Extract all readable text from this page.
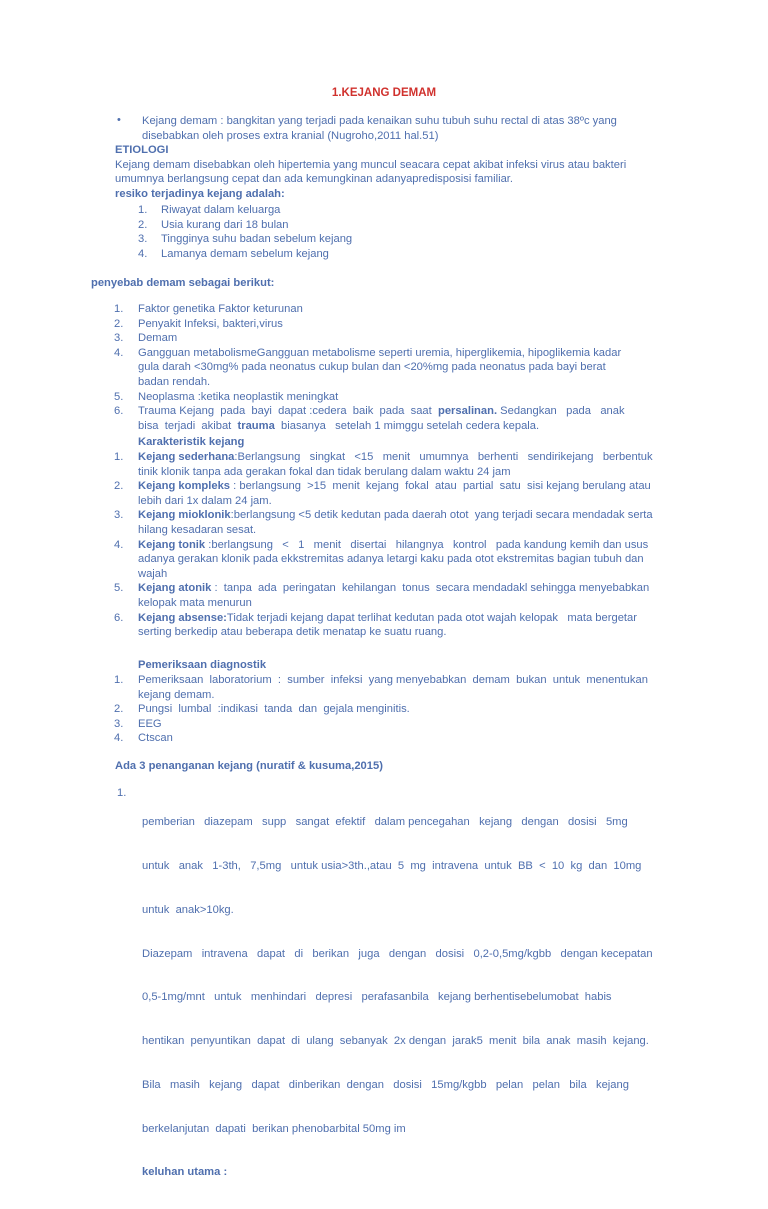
1.KEJANG DEMAM
• Kejang demam : bangkitan yang terjadi pada kenaikan suhu tubuh suhu rectal di atas 38ºc yang
disebabkan oleh proses extra kranial (Nugroho,2011 hal.51)
ETIOLOGI
Kejang demam disebabkan oleh hipertemia yang muncul seacara cepat akibat infeksi virus atau bakteri
umumnya berlangsung cepat dan ada kemungkinan adanyapredisposisi familiar.
resiko terjadinya kejang adalah:
1.	Riwayat dalam keluarga
2.	Usia kurang dari 18 bulan
3.	Tingginya suhu badan sebelum kejang
4.	Lamanya demam sebelum kejang
penyebab demam sebagai berikut:
1.	Faktor genetika Faktor keturunan
2.	Penyakit Infeksi, bakteri,virus
3.	Demam
4.	Gangguan metabolismeGangguan metabolisme seperti uremia, hiperglikemia, hipoglikemia kadar
gula darah <30mg% pada neonatus cukup bulan dan <20%mg pada neonatus pada bayi berat
badan rendah.
5.	Neoplasma :ketika neoplastik meningkat
6.	Trauma Kejang  pada  bayi  dapat :cedera  baik  pada  saat  persalinan. Sedangkan   pada   anak
bisa  terjadi  akibat  trauma  biasanya   setelah 1 mimggu setelah cedera kepala.
Karakteristik kejang
1.	Kejang sederhana:Berlangsung   singkat   <15   menit   umumnya   berhenti   sendirikejang   berbentuk
tinik klonik tanpa ada gerakan fokal dan tidak berulang dalam waktu 24 jam
2.	Kejang kompleks : berlangsung  >15  menit  kejang  fokal  atau  partial  satu  sisi kejang berulang atau
lebih dari 1x dalam 24 jam.
3.	Kejang mioklonik:berlangsung <5 detik kedutan pada daerah otot  yang terjadi secara mendadak serta
hilang kesadaran sesat.
4.	Kejang tonik :berlangsung   <   1   menit   disertai   hilangnya   kontrol   pada kandung kemih dan usus
adanya gerakan klonik pada ekkstremitas adanya letargi kaku pada otot ekstremitas bagian tubuh dan
wajah
5.	Kejang atonik :  tanpa  ada  peringatan  kehilangan  tonus  secara mendadakl sehingga menyebabkan
kelopak mata menurun
6.	Kejang absense:Tidak terjadi kejang dapat terlihat kedutan pada otot wajah kelopak   mata bergetar
serting berkedip atau beberapa detik menatap ke suatu ruang.
Pemeriksaan diagnostik
1.	Pemeriksaan  laboratorium  :  sumber  infeksi  yang menyebabkan  demam  bukan  untuk  menentukan
kejang demam.
2.	Pungsi  lumbal  :indikasi  tanda  dan  gejala menginitis.
3.	EEG
4.	Ctscan
Ada 3 penanganan kejang (nuratif & kusuma,2015)
1.

pemberian   diazepam   supp   sangat  efektif   dalam pencegahan   kejang   dengan   dosisi   5mg

untuk   anak   1-3th,   7,5mg   untuk usia>3th.,atau  5  mg  intravena  untuk  BB  <  10  kg  dan  10mg

untuk  anak>10kg.

Diazepam   intravena   dapat   di   berikan   juga   dengan   dosisi   0,2-0,5mg/kgbb   dengan kecepatan

0,5-1mg/mnt   untuk   menhindari   depresi   perafasanbila   kejang berhentisebelumobat  habis

hentikan  penyuntikan  dapat  di  ulang  sebanyak  2x dengan  jarak5  menit  bila  anak  masih  kejang.

Bila   masih   kejang   dapat   dinberikan  dengan   dosisi   15mg/kgbb   pelan   pelan   bila   kejang

berkelanjutan  dapati  berikan phenobarbital 50mg im

keluhan utama :
